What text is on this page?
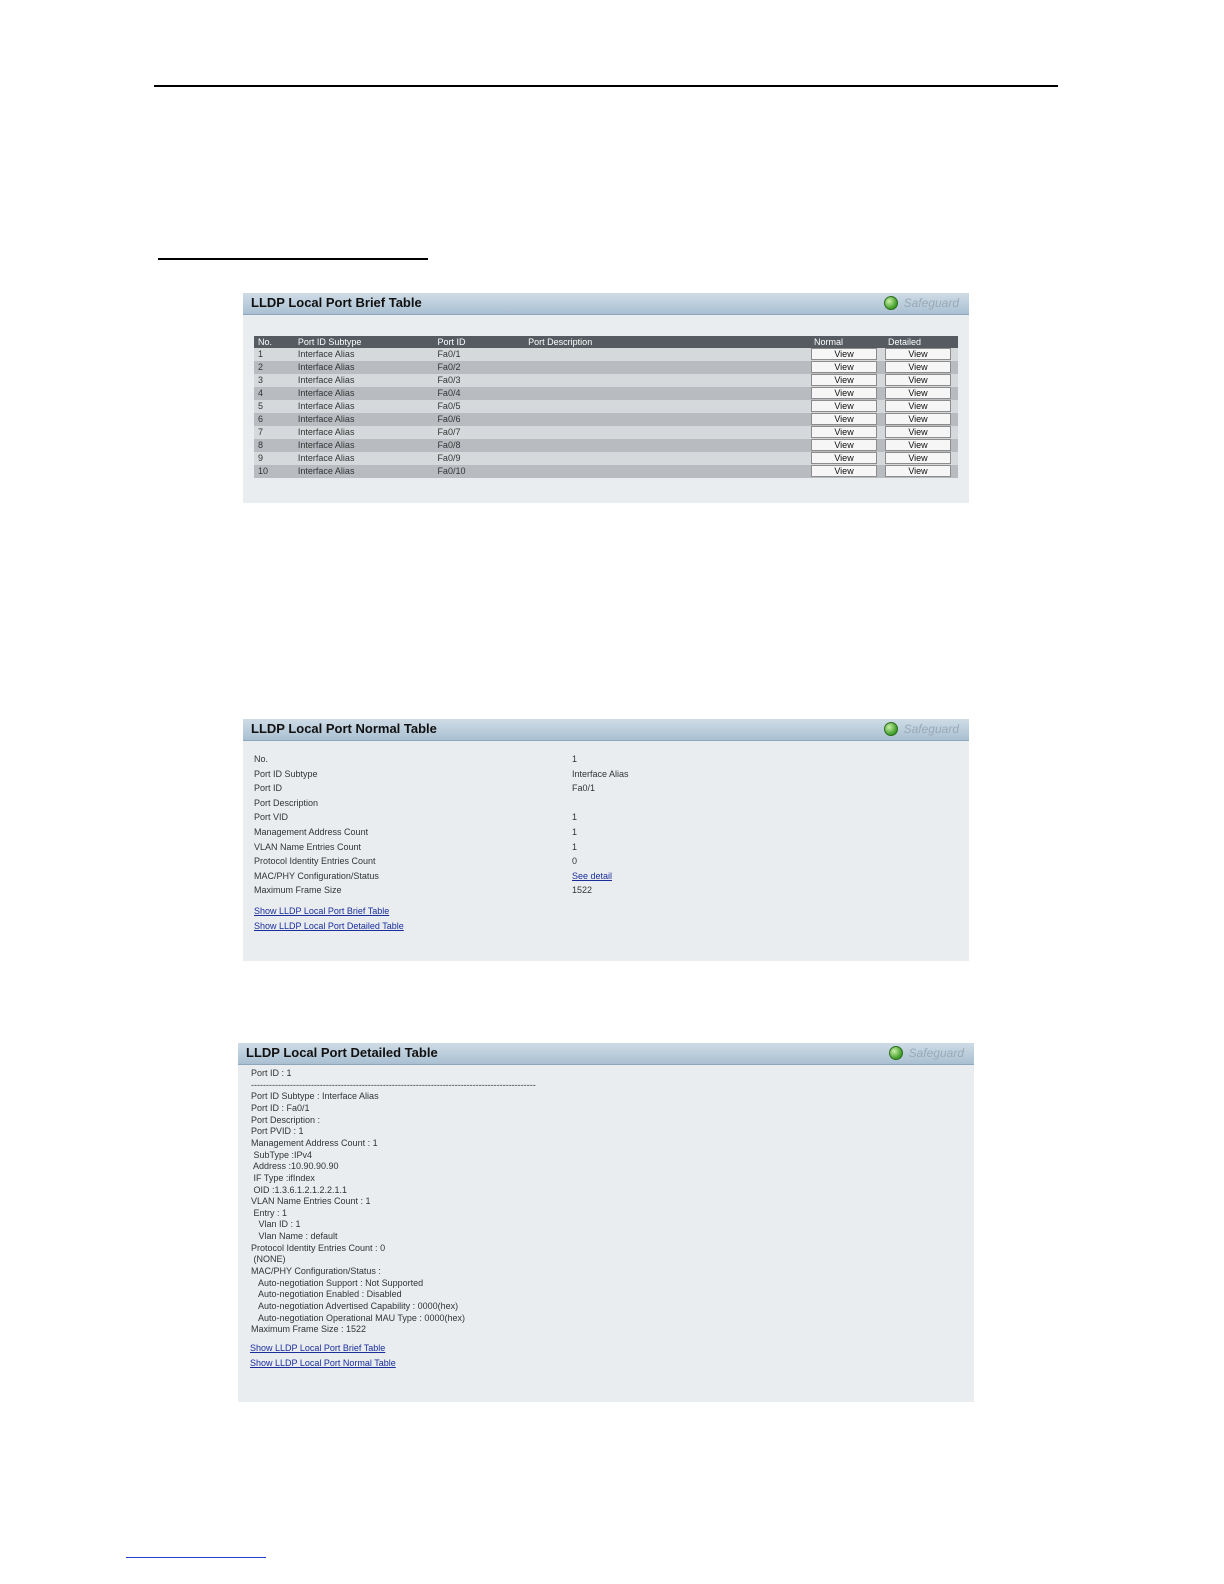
LLDP Local Port Brief Table	Safeguard
No.	Port ID Subtype	Port ID	Port Description	Normal	Detailed
1	Interface Alias	Fa0/1		View	View
2	Interface Alias	Fa0/2		View	View
3	Interface Alias	Fa0/3		View	View
4	Interface Alias	Fa0/4		View	View
5	Interface Alias	Fa0/5		View	View
6	Interface Alias	Fa0/6		View	View
7	Interface Alias	Fa0/7		View	View
8	Interface Alias	Fa0/8		View	View
9	Interface Alias	Fa0/9		View	View
10	Interface Alias	Fa0/10		View	View
LLDP Local Port Normal Table	Safeguard
No.	1
Port ID Subtype	Interface Alias
Port ID	Fa0/1
Port Description
Port VID	1
Management Address Count	1
VLAN Name Entries Count	1
Protocol Identity Entries Count	0
MAC/PHY Configuration/Status	See detail
Maximum Frame Size	1522
Show LLDP Local Port Brief Table
Show LLDP Local Port Detailed Table
LLDP Local Port Detailed Table	Safeguard
Port ID : 1
-----------------------------------------------------------------------------------------------
Port ID Subtype : Interface Alias
Port ID : Fa0/1
Port Description :
Port PVID : 1
Management Address Count : 1
SubType :IPv4
Address :10.90.90.90
IF Type :ifIndex
OID :1.3.6.1.2.1.2.2.1.1
VLAN Name Entries Count : 1
Entry : 1
Vlan ID : 1
Vlan Name : default
Protocol Identity Entries Count : 0
(NONE)
MAC/PHY Configuration/Status :
Auto-negotiation Support : Not Supported
Auto-negotiation Enabled : Disabled
Auto-negotiation Advertised Capability : 0000(hex)
Auto-negotiation Operational MAU Type : 0000(hex)
Maximum Frame Size : 1522
Show LLDP Local Port Brief Table
Show LLDP Local Port Normal Table
